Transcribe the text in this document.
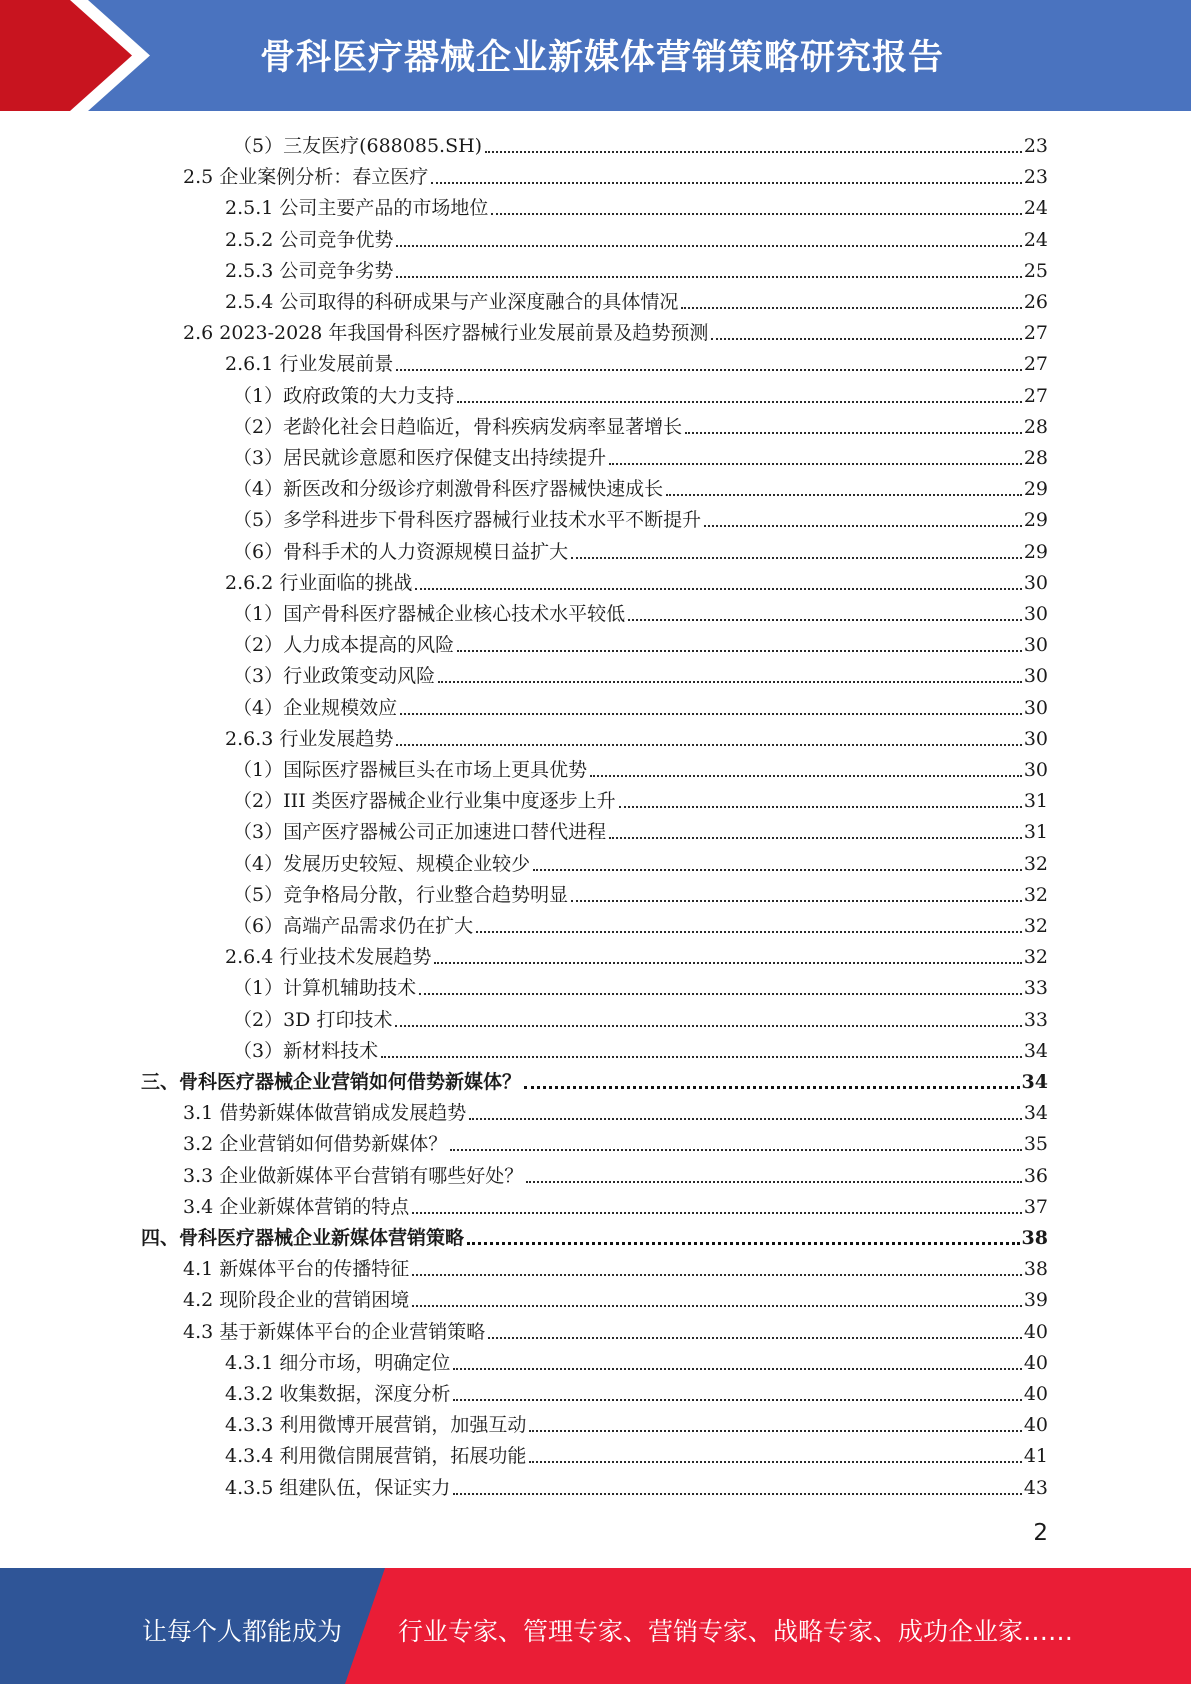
骨科医疗器械企业新媒体营销策略研究报告
（5）三友医疗(688085.SH)	23
2.5 企业案例分析：春立医疗	23
2.5.1 公司主要产品的市场地位	24
2.5.2 公司竞争优势	24
2.5.3 公司竞争劣势	25
2.5.4 公司取得的科研成果与产业深度融合的具体情况	26
2.6 2023-2028 年我国骨科医疗器械行业发展前景及趋势预测	27
2.6.1 行业发展前景	27
（1）政府政策的大力支持	27
（2）老龄化社会日趋临近，骨科疾病发病率显著增长	28
（3）居民就诊意愿和医疗保健支出持续提升	28
（4）新医改和分级诊疗刺激骨科医疗器械快速成长	29
（5）多学科进步下骨科医疗器械行业技术水平不断提升	29
（6）骨科手术的人力资源规模日益扩大	29
2.6.2 行业面临的挑战	30
（1）国产骨科医疗器械企业核心技术水平较低	30
（2）人力成本提高的风险	30
（3）行业政策变动风险	30
（4）企业规模效应	30
2.6.3 行业发展趋势	30
（1）国际医疗器械巨头在市场上更具优势	30
（2）III 类医疗器械企业行业集中度逐步上升	31
（3）国产医疗器械公司正加速进口替代进程	31
（4）发展历史较短、规模企业较少	32
（5）竞争格局分散，行业整合趋势明显	32
（6）高端产品需求仍在扩大	32
2.6.4 行业技术发展趋势	32
（1）计算机辅助技术	33
（2）3D 打印技术	33
（3）新材料技术	34
三、骨科医疗器械企业营销如何借势新媒体？	34
3.1 借势新媒体做营销成发展趋势	34
3.2 企业营销如何借势新媒体？	35
3.3 企业做新媒体平台营销有哪些好处？	36
3.4 企业新媒体营销的特点	37
四、骨科医疗器械企业新媒体营销策略	38
4.1 新媒体平台的传播特征	38
4.2 现阶段企业的营销困境	39
4.3 基于新媒体平台的企业营销策略	40
4.3.1 细分市场，明确定位	40
4.3.2 收集数据，深度分析	40
4.3.3 利用微博开展营销，加强互动	40
4.3.4 利用微信開展营销，拓展功能	41
4.3.5 组建队伍，保证实力	43
2
让每个人都能成为 行业专家、管理专家、营销专家、战略专家、成功企业家……
